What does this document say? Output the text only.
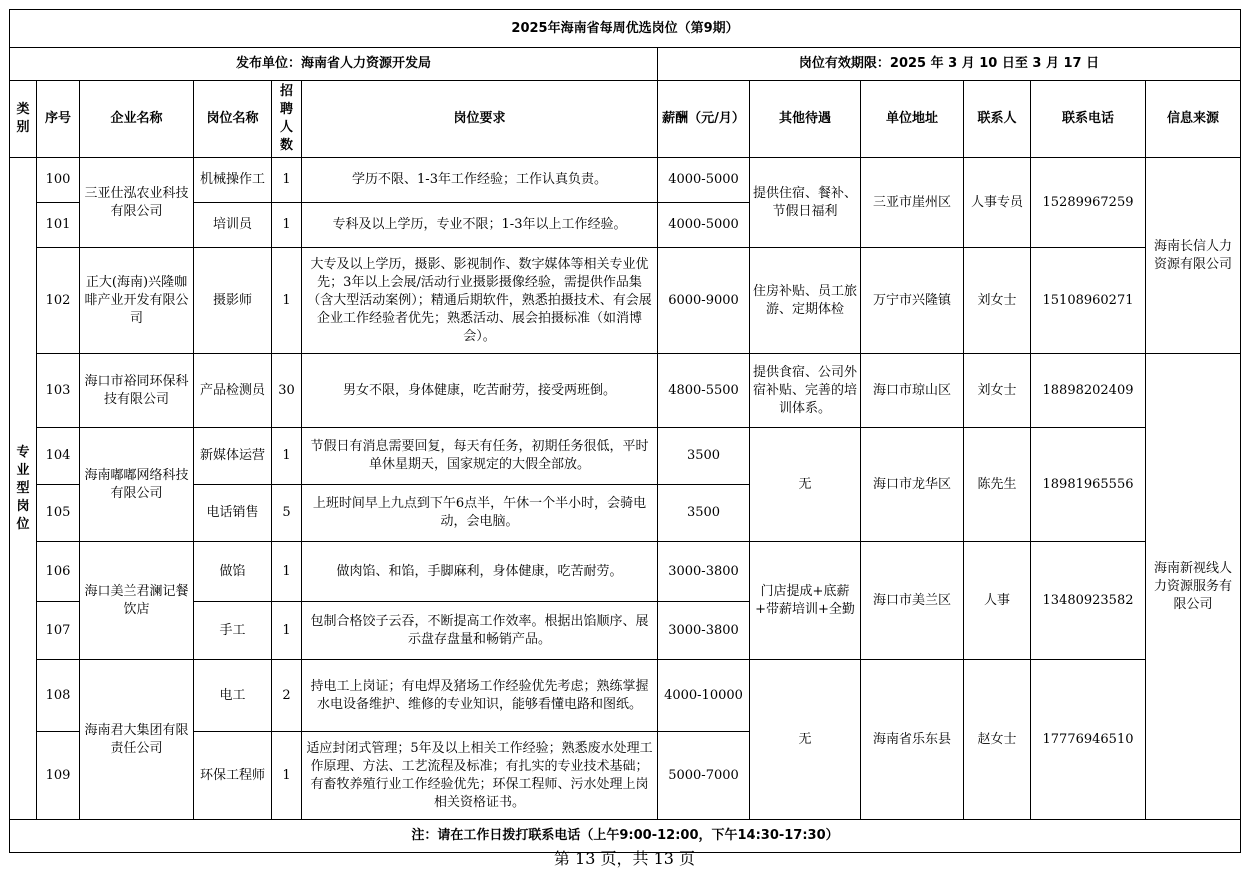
2025年海南省每周优选岗位（第9期）											
发布单位：海南省人力资源开发局						岗位有效期限：2025 年 3 月 10 日至 3 月 17 日					
类别	序号	企业名称	岗位名称	招聘人数	岗位要求	薪酬（元/月）	其他待遇	单位地址	联系人	联系电话	信息来源
专业型岗位	100	三亚仕泓农业科技有限公司	机械操作工	1	学历不限、1-3年工作经验；工作认真负责。	4000-5000	提供住宿、餐补、节假日福利	三亚市崖州区	人事专员	15289967259	海南长信人力资源有限公司
	101		培训员	1	专科及以上学历，专业不限；1-3年以上工作经验。	4000-5000					
	102	正大(海南)兴隆咖啡产业开发有限公司	摄影师	1	大专及以上学历，摄影、影视制作、数字媒体等相关专业优先；3年以上会展/活动行业摄影摄像经验，需提供作品集（含大型活动案例）；精通后期软件，熟悉拍摄技术、有会展企业工作经验者优先；熟悉活动、展会拍摄标准（如消博会）。	6000-9000	住房补贴、员工旅游、定期体检	万宁市兴隆镇	刘女士	15108960271	
	103	海口市裕同环保科技有限公司	产品检测员	30	男女不限，身体健康，吃苦耐劳，接受两班倒。	4800-5500	提供食宿、公司外宿补贴、完善的培训体系。	海口市琼山区	刘女士	18898202409	海南新视线人力资源服务有限公司
	104	海南嘟嘟网络科技有限公司	新媒体运营	1	节假日有消息需要回复，每天有任务，初期任务很低，平时单休星期天，国家规定的大假全部放。	3500	无	海口市龙华区	陈先生	18981965556	
	105		电话销售	5	上班时间早上九点到下午6点半，午休一个半小时，会骑电动，会电脑。	3500					
	106	海口美兰君澜记餐饮店	做馅	1	做肉馅、和馅，手脚麻利，身体健康，吃苦耐劳。	3000-3800	门店提成+底薪+带薪培训+全勤	海口市美兰区	人事	13480923582	
	107		手工	1	包制合格饺子云吞，不断提高工作效率。根据出馅顺序、展示盘存盘量和畅销产品。	3000-3800					
	108	海南君大集团有限责任公司	电工	2	持电工上岗证；有电焊及猪场工作经验优先考虑；熟练掌握水电设备维护、维修的专业知识，能够看懂电路和图纸。	4000-10000	无	海南省乐东县	赵女士	17776946510	
	109		环保工程师	1	适应封闭式管理；5年及以上相关工作经验；熟悉废水处理工作原理、方法、工艺流程及标准；有扎实的专业技术基础；有畜牧养殖行业工作经验优先；环保工程师、污水处理上岗相关资格证书。	5000-7000					
注：请在工作日拨打联系电话（上午9:00-12:00，下午14:30-17:30）											
第 13 页，共 13 页
